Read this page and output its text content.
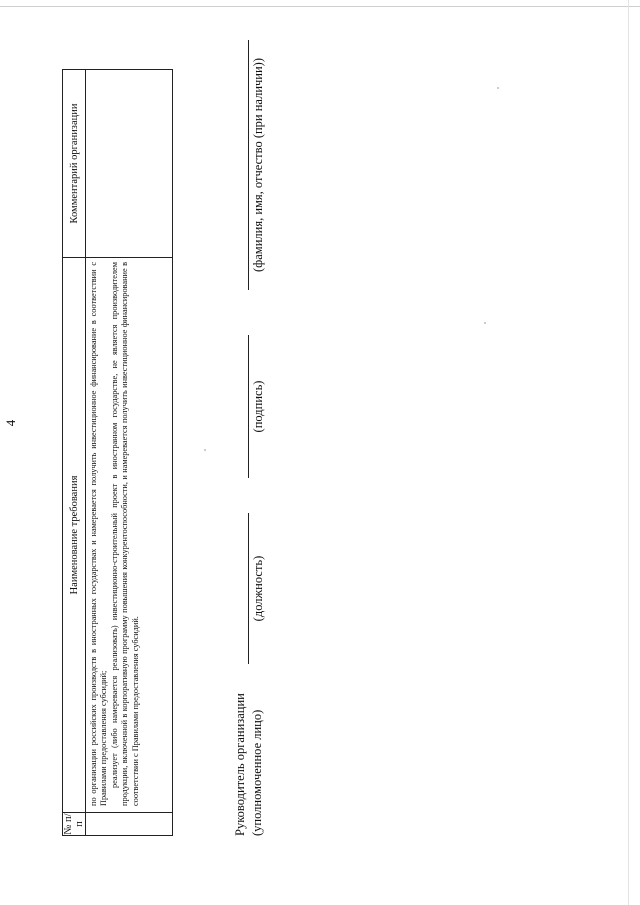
4
№ п/п	Наименование требования	Комментарий организации

	по организации российских производств в иностранных государствах и намеревается получить инвестиционное финансирование в соответствии с Правилами предоставления субсидий; реализует (либо намеревается реализовать) инвестиционно-строительный проект в иностранном государстве, не является производителем продукции, включенной в корпоративную программу повышения конкурентоспособности, и намеревается получить инвестиционное финансирование в соответствии с Правилами предоставления субсидий.	

		Руководитель организации (уполномоченное лицо)
(должность)
(подпись)
(фамилия, имя, отчество (при наличии))
